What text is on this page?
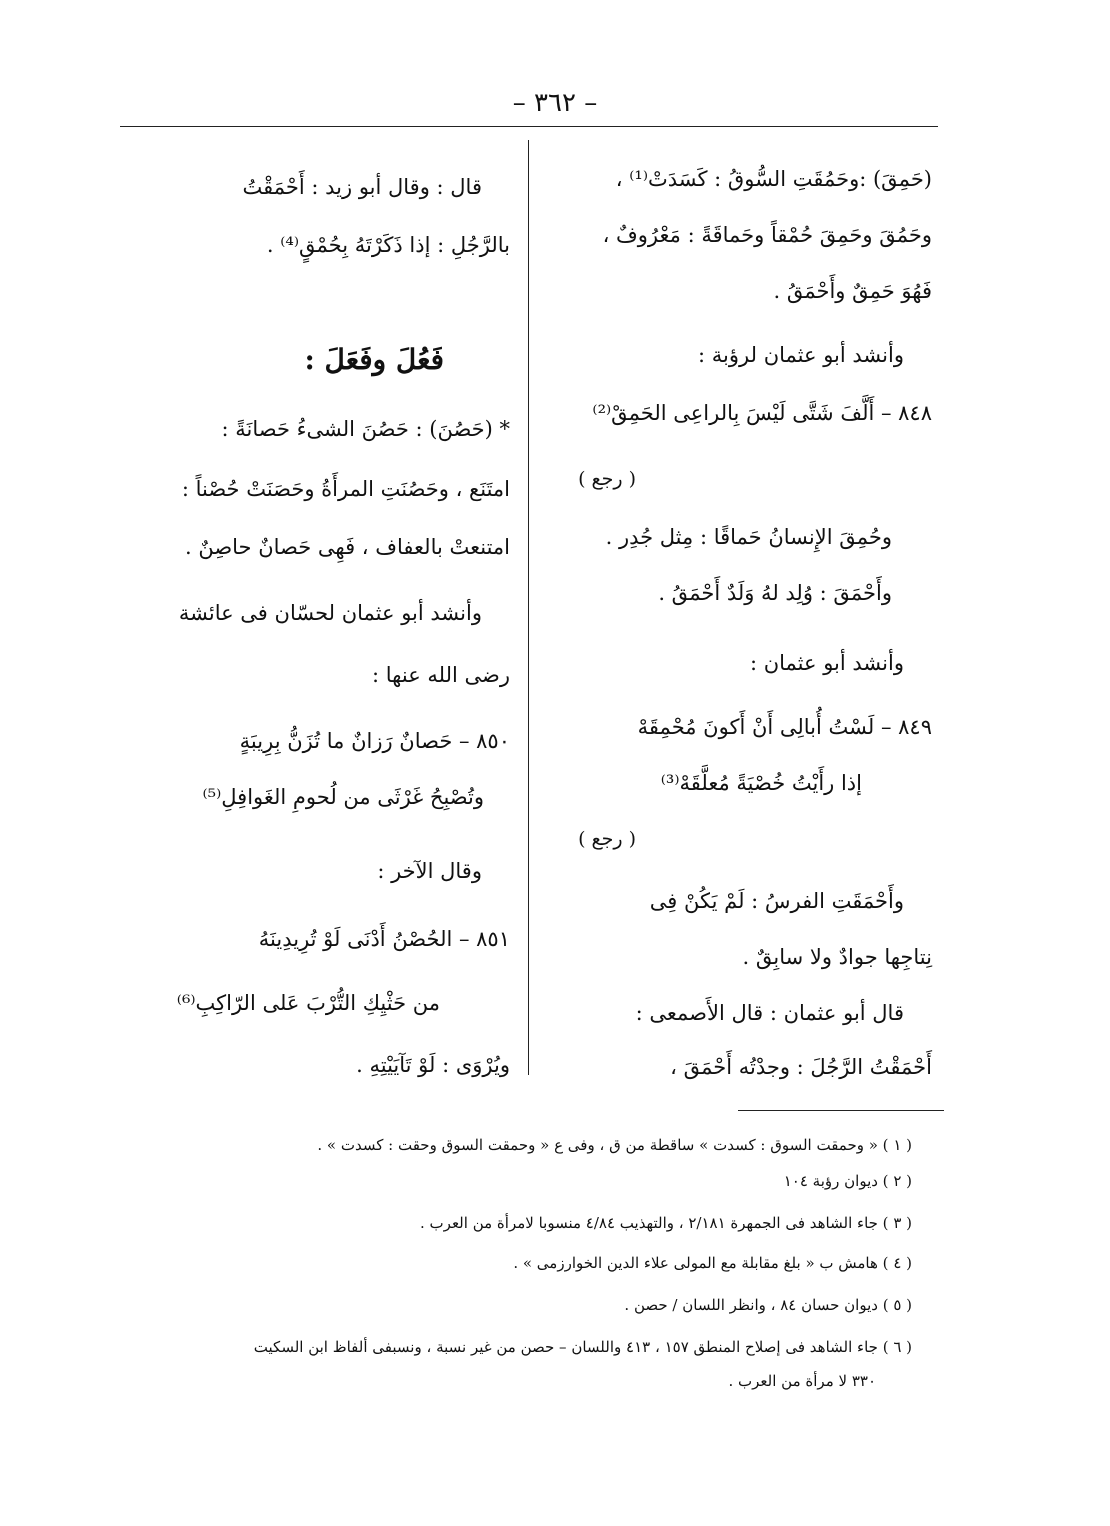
– ٣٦٢ –
(حَمِقَ) :وحَمُقَتِ السُّوقُ : كَسَدَتْ⁽¹⁾ ،
وحَمُقَ وحَمِقَ حُمْقاً وحَماقَةً : مَعْرُوفٌ ،
فَهُوَ حَمِقٌ وأَحْمَقُ .
وأنشد أبو عثمان لرؤبة :
٨٤٨ – أَلَّفَ شَتَّى لَيْسَ بِالراعِى الحَمِقْ⁽²⁾
( رجع )
وحُمِقَ الإِنسانُ حَماقًا : مِثل جُدِر .
وأَحْمَقَ : وُلِد لهُ وَلَدٌ أَحْمَقُ .
وأنشد أبو عثمان :
٨٤٩ – لَسْتُ أُبالِى أَنْ أَكونَ مُحْمِقَهْ
إذا رأَيْتُ خُصْيَةً مُعلَّقَهْ⁽³⁾
( رجع )
وأَحْمَقَتِ الفرسُ : لَمْ يَكُنْ فِى
نِتاجِها جوادٌ ولا سابِقٌ .
قال أبو عثمان : قال الأَصمعى :
أَحْمَقْتُ الرَّجُلَ : وجدْتُه أَحْمَقَ ،
قال : وقال أبو زيد : أَحْمَقْتُ
بالرَّجُلِ : إذا ذَكَرْتَهُ بِحُمْقٍ⁽⁴⁾ .
فَعُلَ وفَعَلَ :
* (حَصُنَ) : حَصُنَ الشىءُ حَصانَةً :
امتَنَع ، وحَصُنَتِ المرأَةُ وحَصَنَتْ حُصْناً :
امتنعتْ بالعفاف ، فَهِى حَصانٌ حاصِنٌ .
وأنشد أبو عثمان لحسّان فى عائشة
رضى الله عنها :
٨٥٠ – حَصانٌ رَزانٌ ما تُزَنُّ بِرِيبَةٍ
وتُصْبِحُ غَرْثَى من لُحومِ الغَوافِلِ⁽⁵⁾
وقال الآخر :
٨٥١ – الحُصْنُ أَدْنَى لَوْ تُرِيدِينَهُ
من حَثْيِكِ التُّرْبَ عَلى الرّاكِبِ⁽⁶⁾
ويُرْوَى : لَوْ تَآيَيْتِهِ .
( ١ ) « وحمقت السوق : كسدت » ساقطة من ق ، وفى ع « وحمقت السوق وحقت : كسدت » .
( ٢ ) ديوان رؤبة ١٠٤
( ٣ ) جاء الشاهد فى الجمهرة ٢/١٨١ ، والتهذيب ٤/٨٤ منسوبا لامرأة من العرب .
( ٤ ) هامش ب « بلغ مقابلة مع المولى علاء الدين الخوارزمى » .
( ٥ ) ديوان حسان ٨٤ ، وانظر اللسان / حصن .
( ٦ ) جاء الشاهد فى إصلاح المنطق ١٥٧ ، ٤١٣ واللسان – حصن من غير نسبة ، ونسبفى ألفاظ ابن السكيت
٣٣٠ لا مرأة من العرب .
